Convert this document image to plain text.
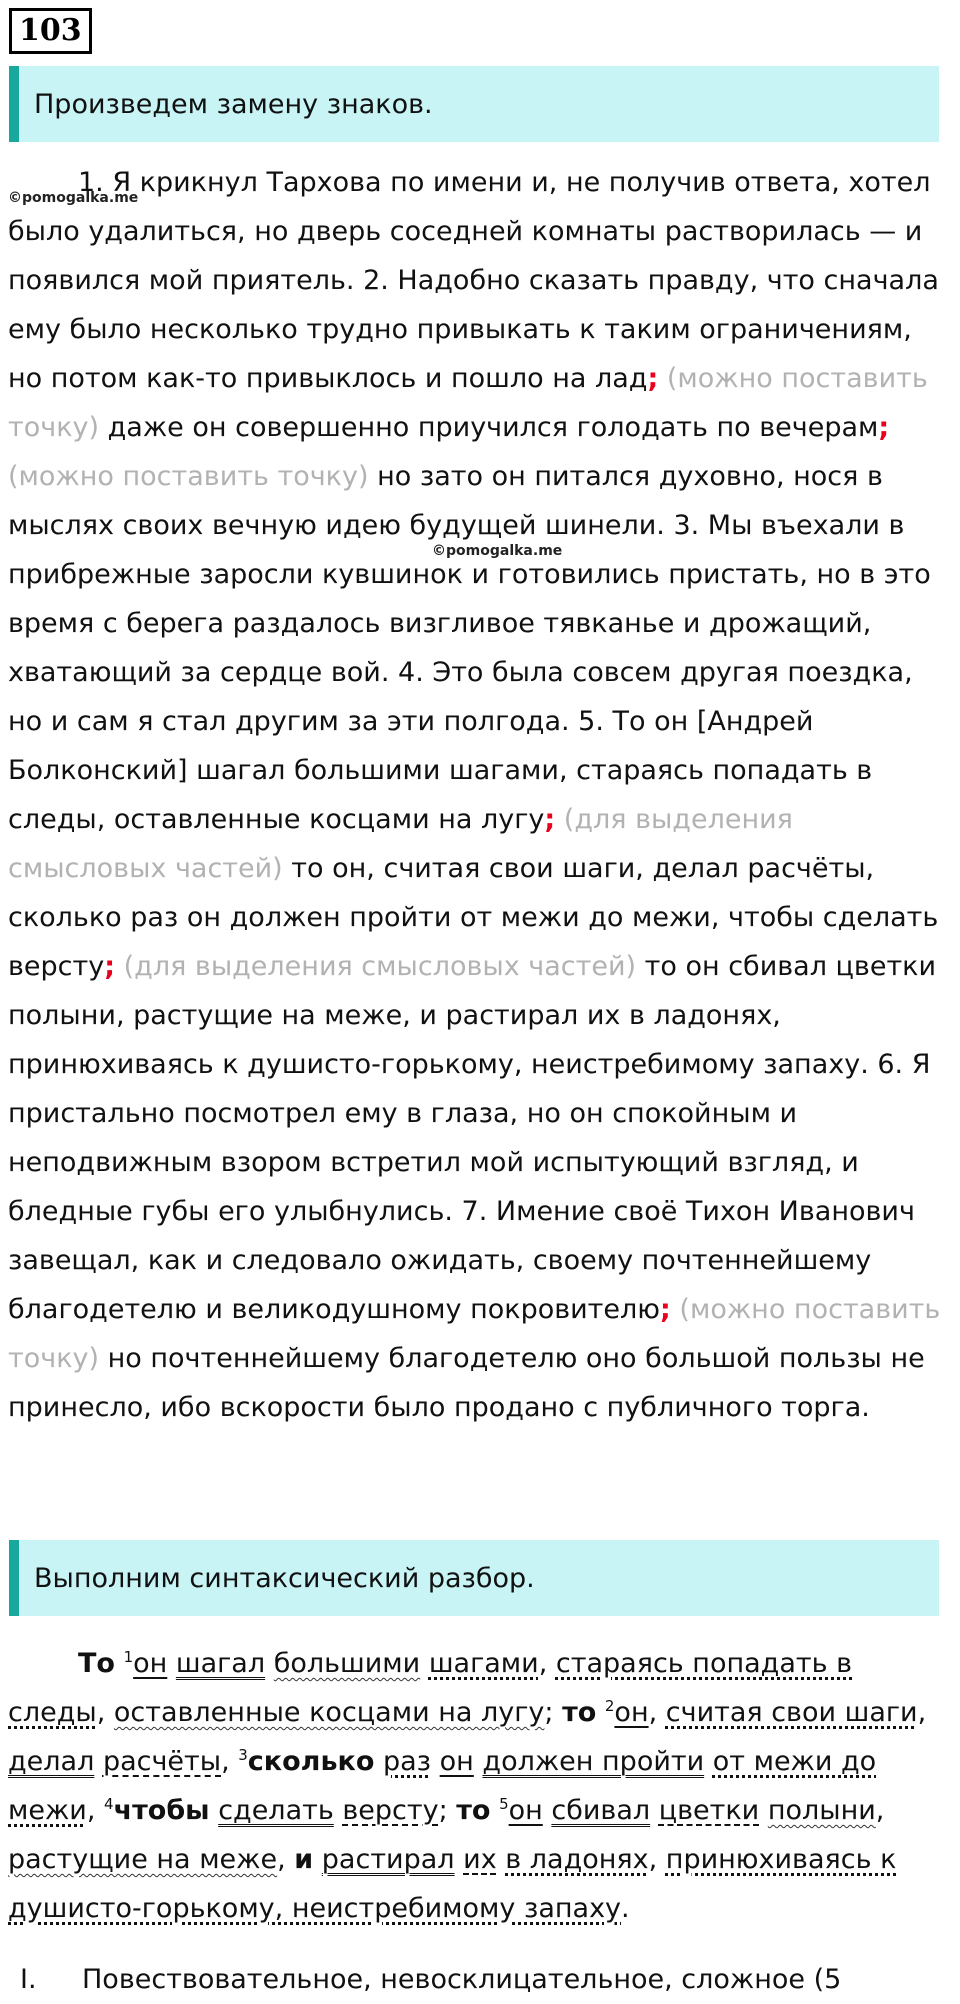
103
Произведем замену знаков.
©pomogalka.me
©pomogalka.me
1. Я крикнул Тархова по имени и, не получив ответа, хотел было удалиться, но дверь соседней комнаты растворилась — и появился мой приятель. 2. Надобно сказать правду, что сначала ему было несколько трудно привыкать к таким ограничениям, но потом как-то привыклось и пошло на лад; (можно поставить точку) даже он совершенно приучился голодать по вечерам; (можно поставить точку) но зато он питался духовно, нося в мыслях своих вечную идею будущей шинели. 3. Мы въехали в прибрежные заросли кувшинок и готовились пристать, но в это время с берега раздалось визгливое тявканье и дрожащий, хватающий за сердце вой. 4. Это была совсем другая поездка, но и сам я стал другим за эти полгода. 5. То он [Андрей Болконский] шагал большими шагами, стараясь попадать в следы, оставленные косцами на лугу; (для выделения смысловых частей) то он, считая свои шаги, делал расчёты, сколько раз он должен пройти от межи до межи, чтобы сделать версту; (для выделения смысловых частей) то он сбивал цветки полыни, растущие на меже, и растирал их в ладонях, принюхиваясь к душисто-горькому, неистребимому запаху. 6. Я пристально посмотрел ему в глаза, но он спокойным и неподвижным взором встретил мой испытующий взгляд, и бледные губы его улыбнулись. 7. Имение своё Тихон Иванович завещал, как и следовало ожидать, своему почтеннейшему благодетелю и великодушному покровителю; (можно поставить точку) но почтеннейшему благодетелю оно большой пользы не принесло, ибо вскорости было продано с публичного торга.
Выполним синтаксический разбор.
То $^1$он шагал большими шагами, стараясь попадать в следы, оставленные косцами на лугу; то $^2$он, считая свои шаги, делал расчёты, $^3$сколько раз он должен пройти от межи до межи, $^4$чтобы сделать версту; то $^5$он сбивал цветки полыни, растущие на меже, и растирал их в ладонях, принюхиваясь к душисто-горькому, неистребимому запаху.
I.	Повествовательное, невосклицательное, сложное (5
